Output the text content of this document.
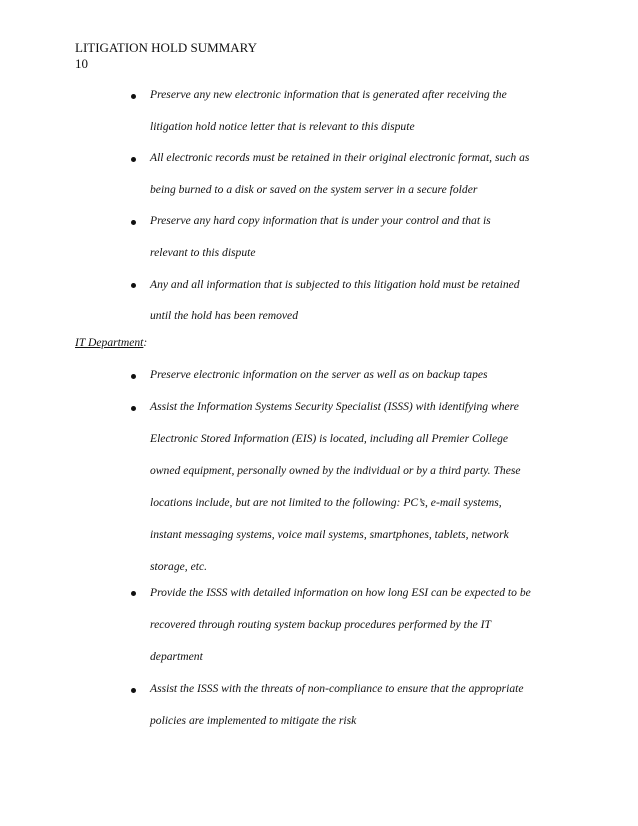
LITIGATION HOLD SUMMARY
10
Preserve any new electronic information that is generated after receiving the
litigation hold notice letter that is relevant to this dispute
All electronic records must be retained in their original electronic format, such as
being burned to a disk or saved on the system server in a secure folder
Preserve any hard copy information that is under your control and that is
relevant to this dispute
Any and all information that is subjected to this litigation hold must be retained
until the hold has been removed
IT Department:
Preserve electronic information on the server as well as on backup tapes
Assist the Information Systems Security Specialist (ISSS) with identifying where
Electronic Stored Information (EIS) is located, including all Premier College
owned equipment, personally owned by the individual or by a third party. These
locations include, but are not limited to the following: PC’s, e-mail systems,
instant messaging systems, voice mail systems, smartphones, tablets, network
storage, etc.
Provide the ISSS with detailed information on how long ESI can be expected to be
recovered through routing system backup procedures performed by the IT
department
Assist the ISSS with the threats of non-compliance to ensure that the appropriate
policies are implemented to mitigate the risk
